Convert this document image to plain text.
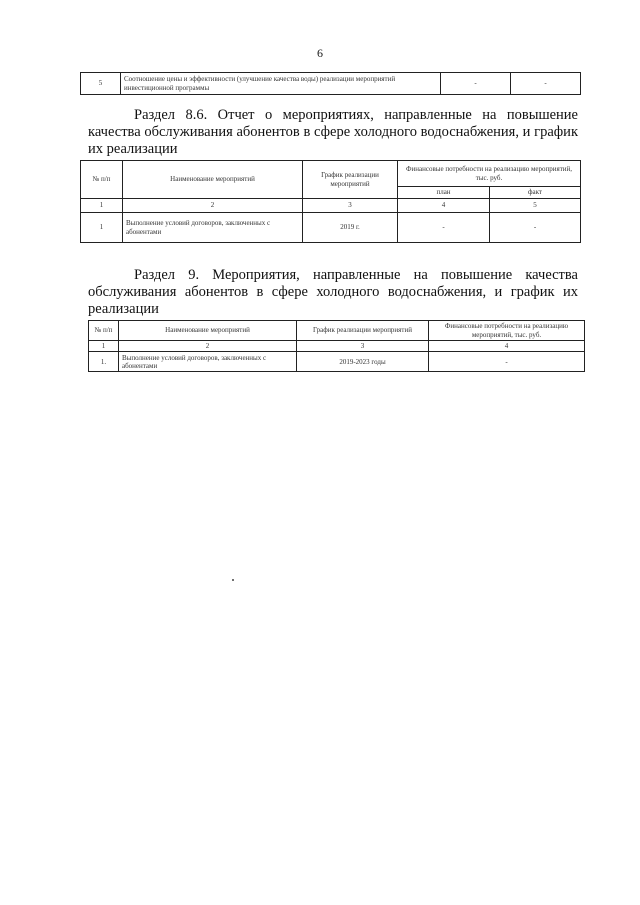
6
5	Соотношение цены и эффективности (улучшение качества воды) реализации мероприятий инвестиционной программы	-	-
Раздел 8.6. Отчет о мероприятиях, направленные на повышение качества обслуживания абонентов в сфере холодного водоснабжения, и график их реализации
№ п/п	Наименование мероприятий	График реализации мероприятий	Финансовые потребности на реализацию мероприятий, тыс. руб.	
			план	факт
1	2	3	4	5
1	Выполнение условий договоров, заключенных с абонентами	2019 г.	-	-
Раздел 9. Мероприятия, направленные на повышение качества обслуживания абонентов в сфере холодного водоснабжения, и график их реализации
№ п/п	Наименование мероприятий	График реализации мероприятий	Финансовые потребности на реализацию мероприятий, тыс. руб.
1	2	3	4
1.	Выполнение условий договоров, заключенных с абонентами	2019-2023 годы	-
